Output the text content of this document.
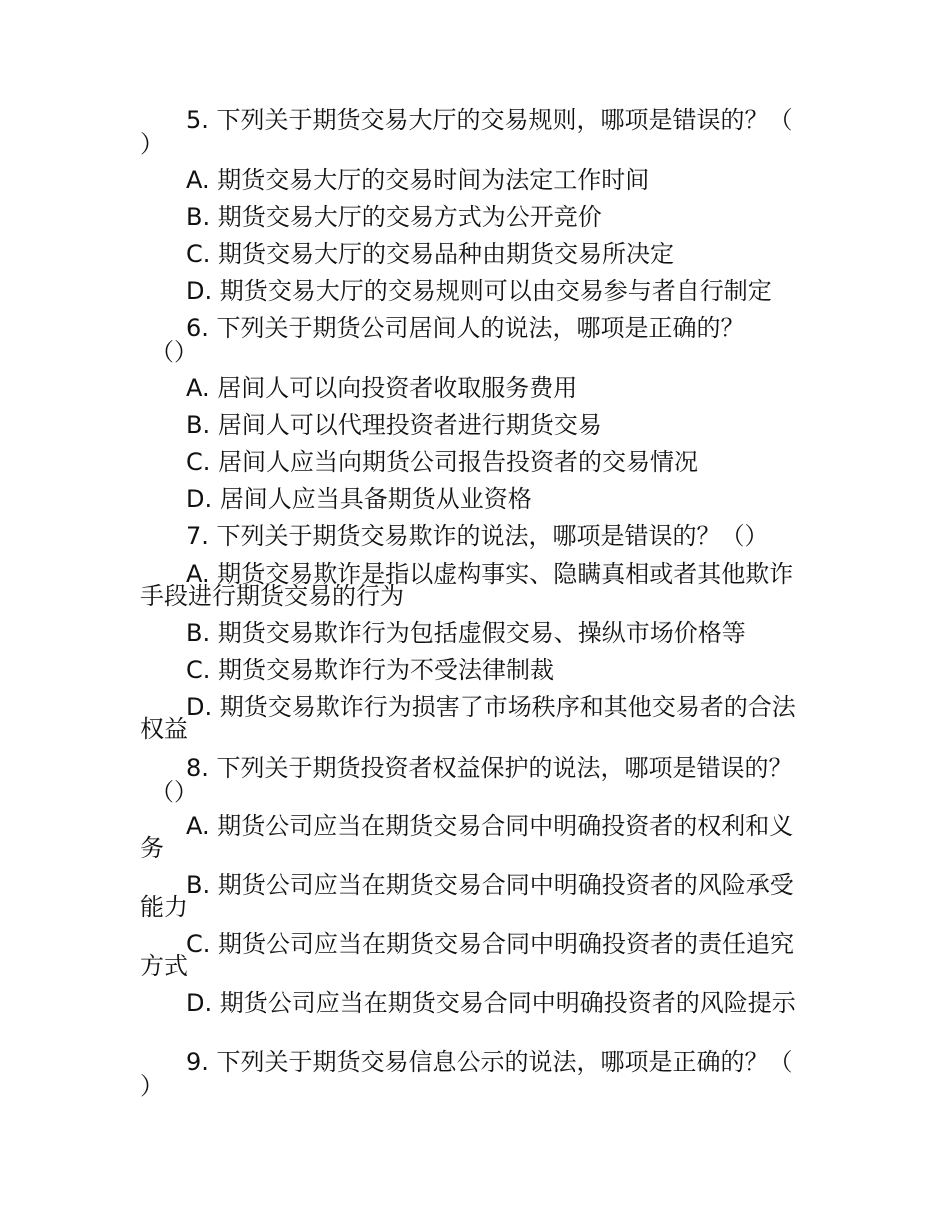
5. 下列关于期货交易大厅的交易规则，哪项是错误的？（
）
A. 期货交易大厅的交易时间为法定工作时间
B. 期货交易大厅的交易方式为公开竞价
C. 期货交易大厅的交易品种由期货交易所决定
D. 期货交易大厅的交易规则可以由交易参与者自行制定
6. 下列关于期货公司居间人的说法，哪项是正确的？
（）
A. 居间人可以向投资者收取服务费用
B. 居间人可以代理投资者进行期货交易
C. 居间人应当向期货公司报告投资者的交易情况
D. 居间人应当具备期货从业资格
7. 下列关于期货交易欺诈的说法，哪项是错误的？（）
A. 期货交易欺诈是指以虚构事实、隐瞒真相或者其他欺诈手段进行期货交易的行为
B. 期货交易欺诈行为包括虚假交易、操纵市场价格等
C. 期货交易欺诈行为不受法律制裁
D. 期货交易欺诈行为损害了市场秩序和其他交易者的合法权益
8. 下列关于期货投资者权益保护的说法，哪项是错误的？
（）
A. 期货公司应当在期货交易合同中明确投资者的权利和义务
B. 期货公司应当在期货交易合同中明确投资者的风险承受能力
C. 期货公司应当在期货交易合同中明确投资者的责任追究方式
D. 期货公司应当在期货交易合同中明确投资者的风险提示
9. 下列关于期货交易信息公示的说法，哪项是正确的？（
）
